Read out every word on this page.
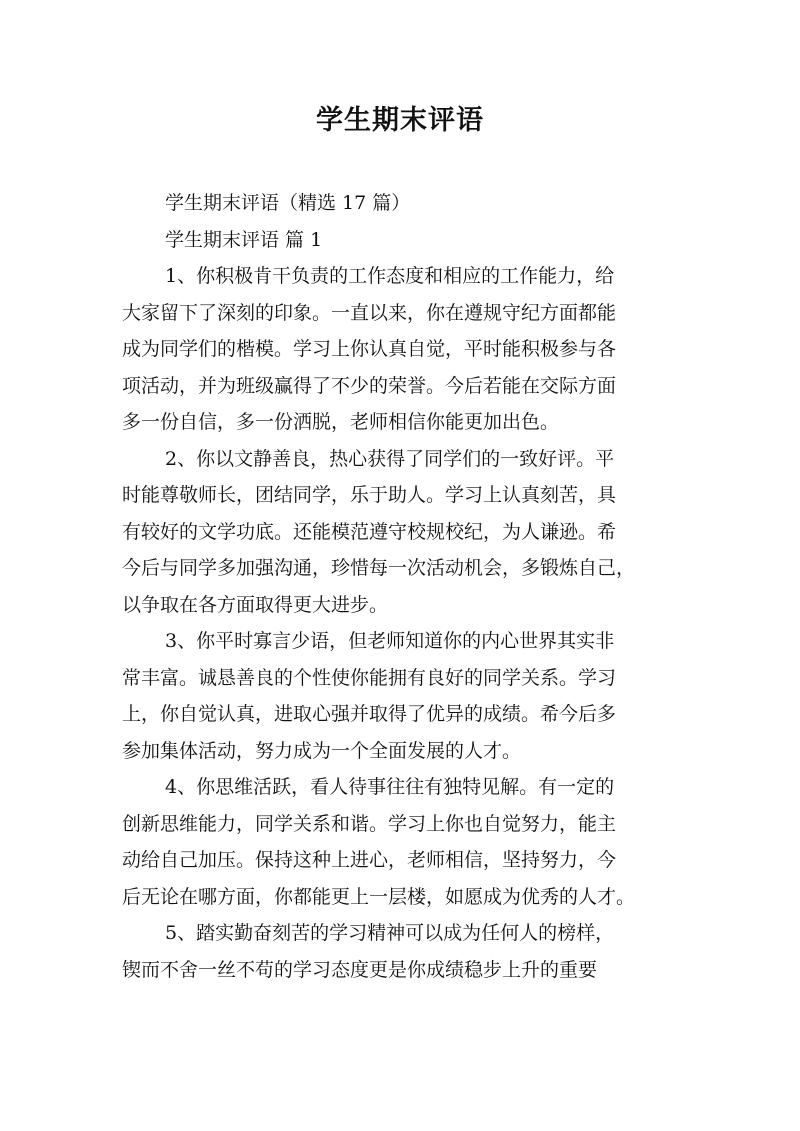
学生期末评语

学生期末评语（精选 17 篇）

学生期末评语 篇 1

1、你积极肯干负责的工作态度和相应的工作能力，给
大家留下了深刻的印象。一直以来，你在遵规守纪方面都能
成为同学们的楷模。学习上你认真自觉，平时能积极参与各
项活动，并为班级赢得了不少的荣誉。今后若能在交际方面
多一份自信，多一份洒脱，老师相信你能更加出色。
2、你以文静善良，热心获得了同学们的一致好评。平
时能尊敬师长，团结同学，乐于助人。学习上认真刻苦，具
有较好的文学功底。还能模范遵守校规校纪，为人谦逊。希
今后与同学多加强沟通，珍惜每一次活动机会，多锻炼自己，
以争取在各方面取得更大进步。
3、你平时寡言少语，但老师知道你的内心世界其实非
常丰富。诚恳善良的个性使你能拥有良好的同学关系。学习
上，你自觉认真，进取心强并取得了优异的成绩。希今后多
参加集体活动，努力成为一个全面发展的人才。
4、你思维活跃，看人待事往往有独特见解。有一定的
创新思维能力，同学关系和谐。学习上你也自觉努力，能主
动给自己加压。保持这种上进心，老师相信，坚持努力，今
后无论在哪方面，你都能更上一层楼，如愿成为优秀的人才。
5、踏实勤奋刻苦的学习精神可以成为任何人的榜样，
锲而不舍一丝不苟的学习态度更是你成绩稳步上升的重要
